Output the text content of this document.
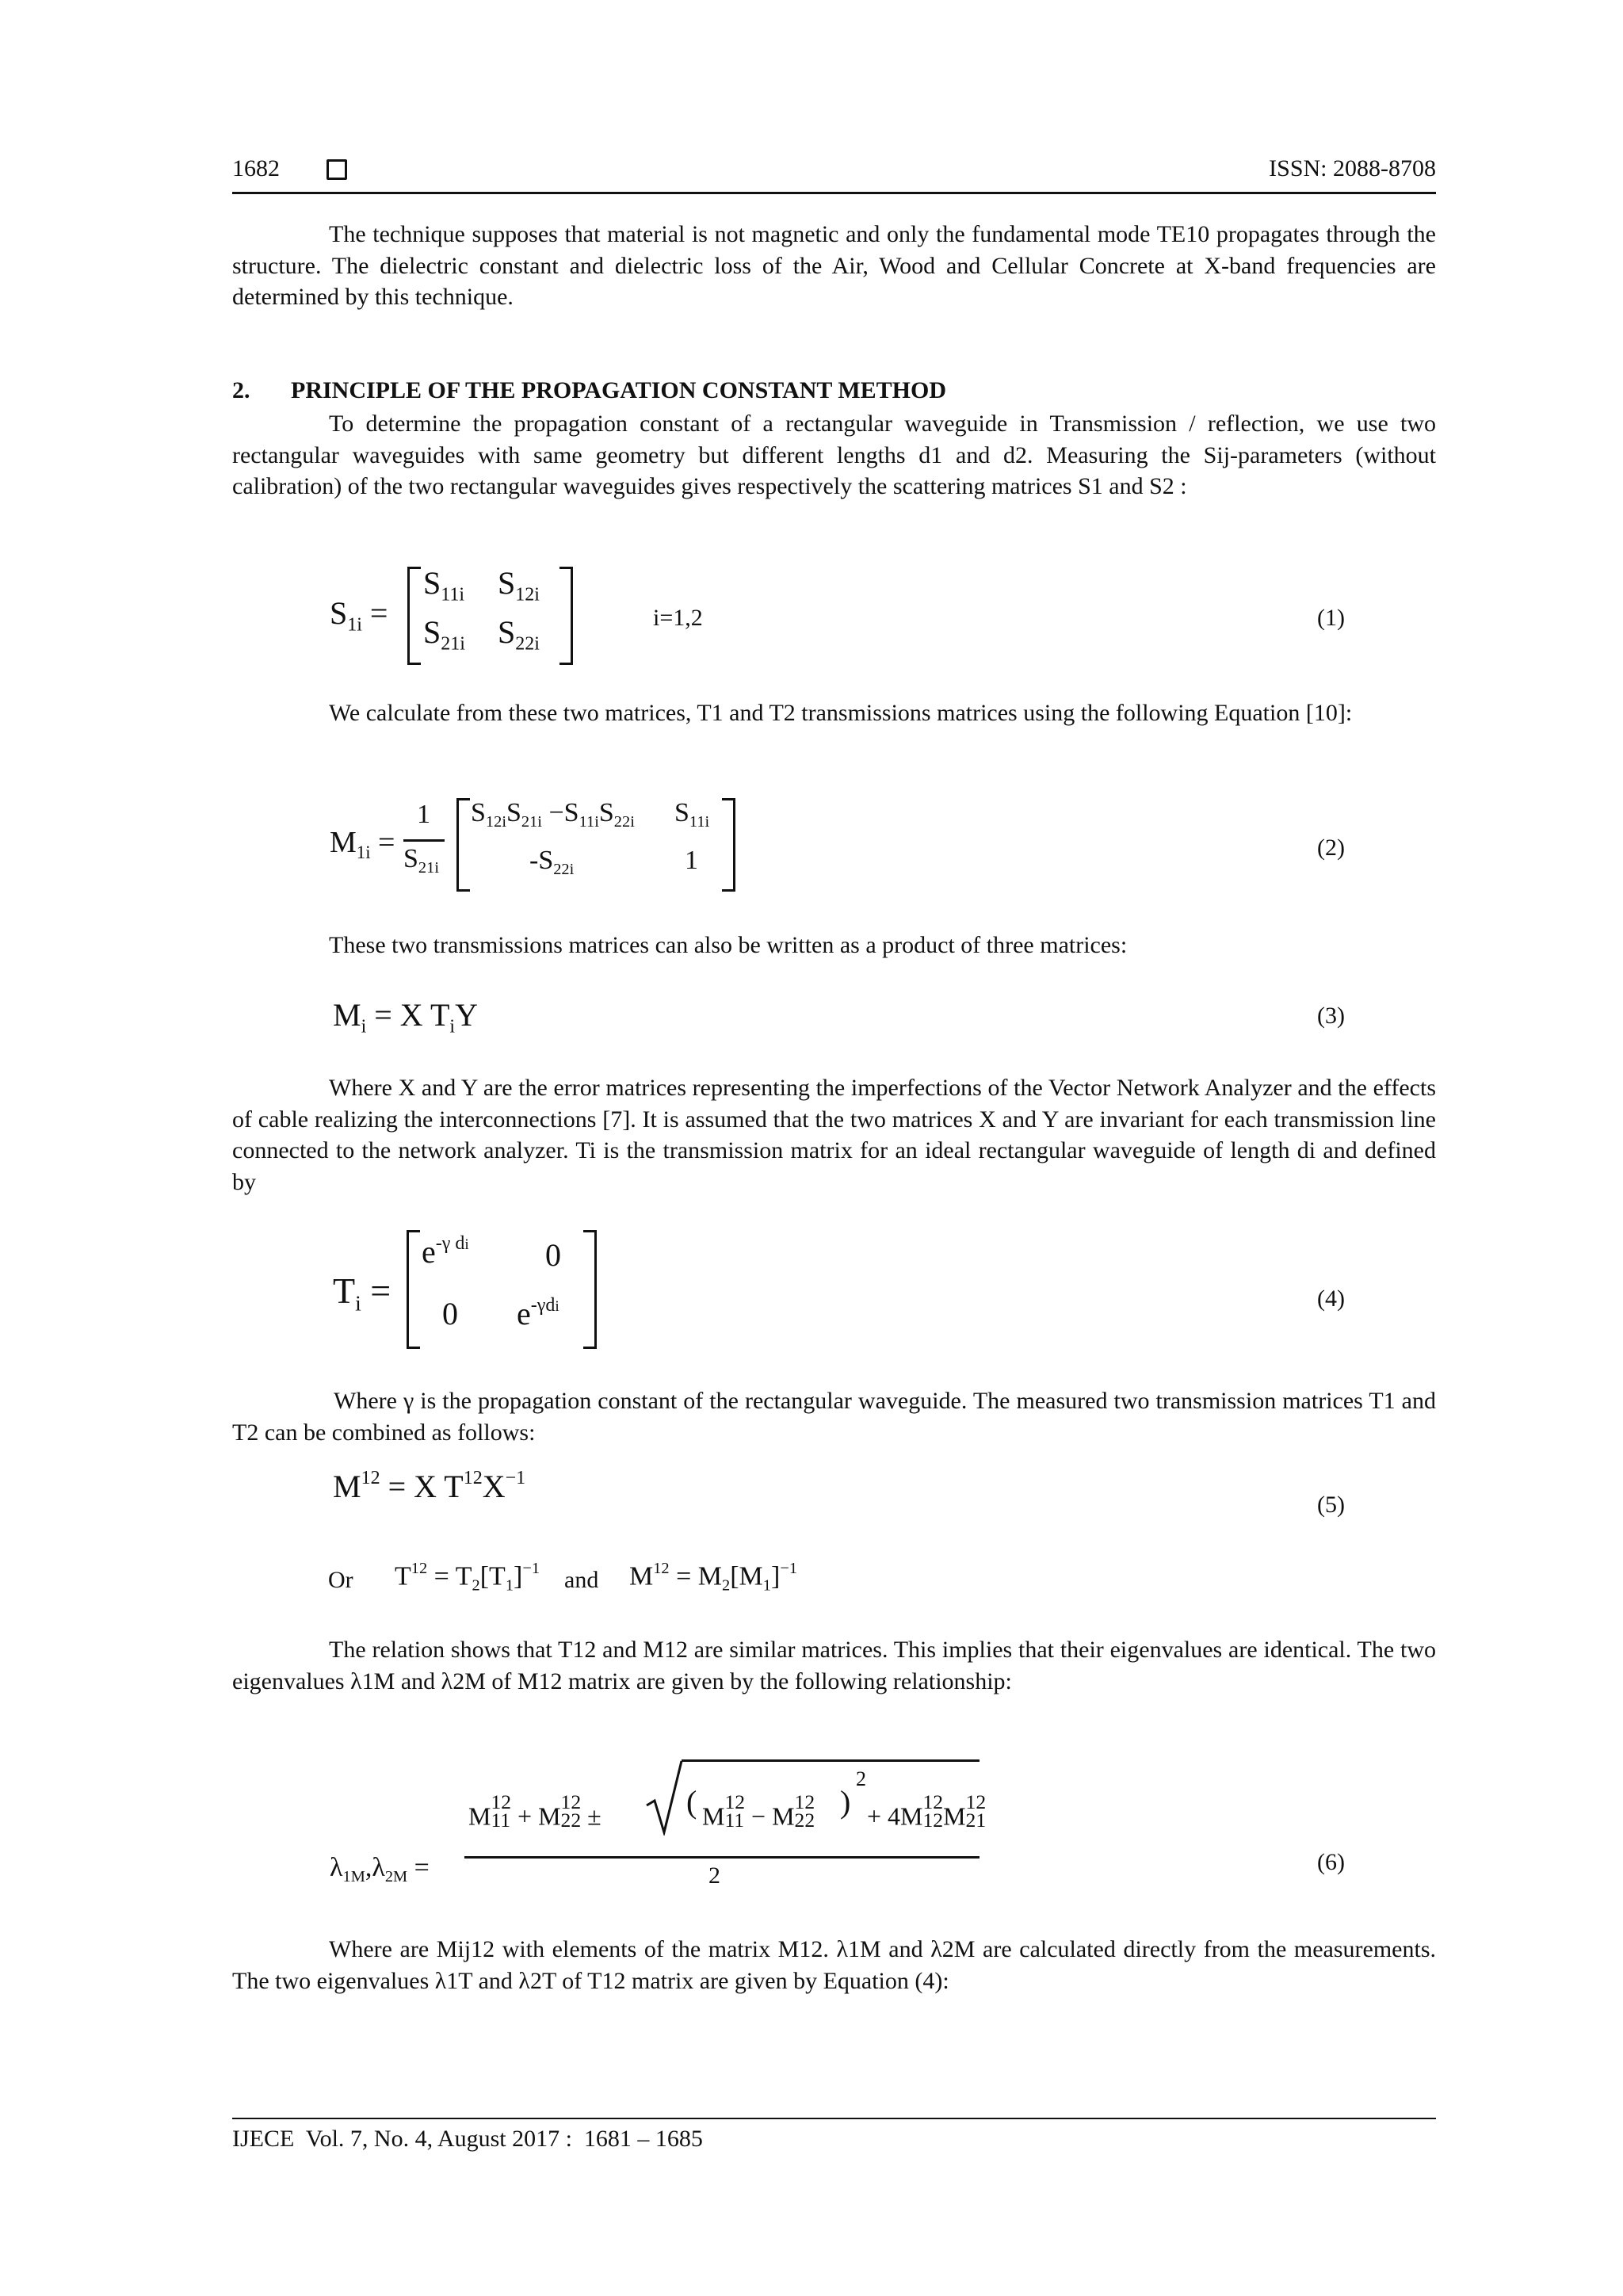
1682	ISSN: 2088-8708

The technique supposes that material is not magnetic and only the fundamental mode TE10 propagates through the structure. The dielectric constant and dielectric loss of the Air, Wood and Cellular Concrete at X-band frequencies are determined by this technique.

2. PRINCIPLE OF THE PROPAGATION CONSTANT METHOD

To determine the propagation constant of a rectangular waveguide in Transmission / reflection, we use two rectangular waveguides with same geometry but different lengths d1 and d2. Measuring the Sij-parameters (without calibration) of the two rectangular waveguides gives respectively the scattering matrices S1 and S2 :

$S_{1i}$ =
$S_{11i}$ $S_{12i}$
$S_{21i}$ $S_{22i}$
i=1,2	(1)

We calculate from these two matrices, T1 and T2 transmissions matrices using the following Equation [10]:

$M_{1i}$ =
1
$S_{21i}$
$S_{12i}S_{21i} -S_{11i}S_{22i}$ $S_{11i}$
$-S_{22i}$	1	(2)

These two transmissions matrices can also be written as a product of three matrices:

$M_i = X$ $T_iY$	(3)

Where X and Y are the error matrices representing the imperfections of the Vector Network Analyzer and the effects of cable realizing the interconnections [7]. It is assumed that the two matrices X and Y are invariant for each transmission line connected to the network analyzer. Ti is the transmission matrix for an ideal rectangular waveguide of length di and defined by

$T_i$ =
$e^{-\gamma di}$ 0
0 $e^{-\gamma di}$	(4)

Where γ is the propagation constant of the rectangular waveguide. The measured two transmission matrices T1 and T2 can be combined as follows:

$M^{12} = X$ $T^{12}X^{-1}$
(5)
Or $T^{12} = T_2[T_1]^{-1}$ and $M^{12} = M_2[M_1]^{-1}$

The relation shows that T12 and M12 are similar matrices. This implies that their eigenvalues are identical. The two eigenvalues λ1M and λ2M of M12 matrix are given by the following relationship:

$\lambda_{1M},\lambda_{2M}$ =
M12
11 + M12
22 ±	( M12
11 − M12
22
)
2
+ 4M12
12M12
21
2
(6)

Where are Mij12 with elements of the matrix M12. λ1M and λ2M are calculated directly from the measurements. The two eigenvalues λ1T and λ2T of T12 matrix are given by Equation (4):

IJECE  Vol. 7, No. 4, August 2017 :  1681 – 1685
